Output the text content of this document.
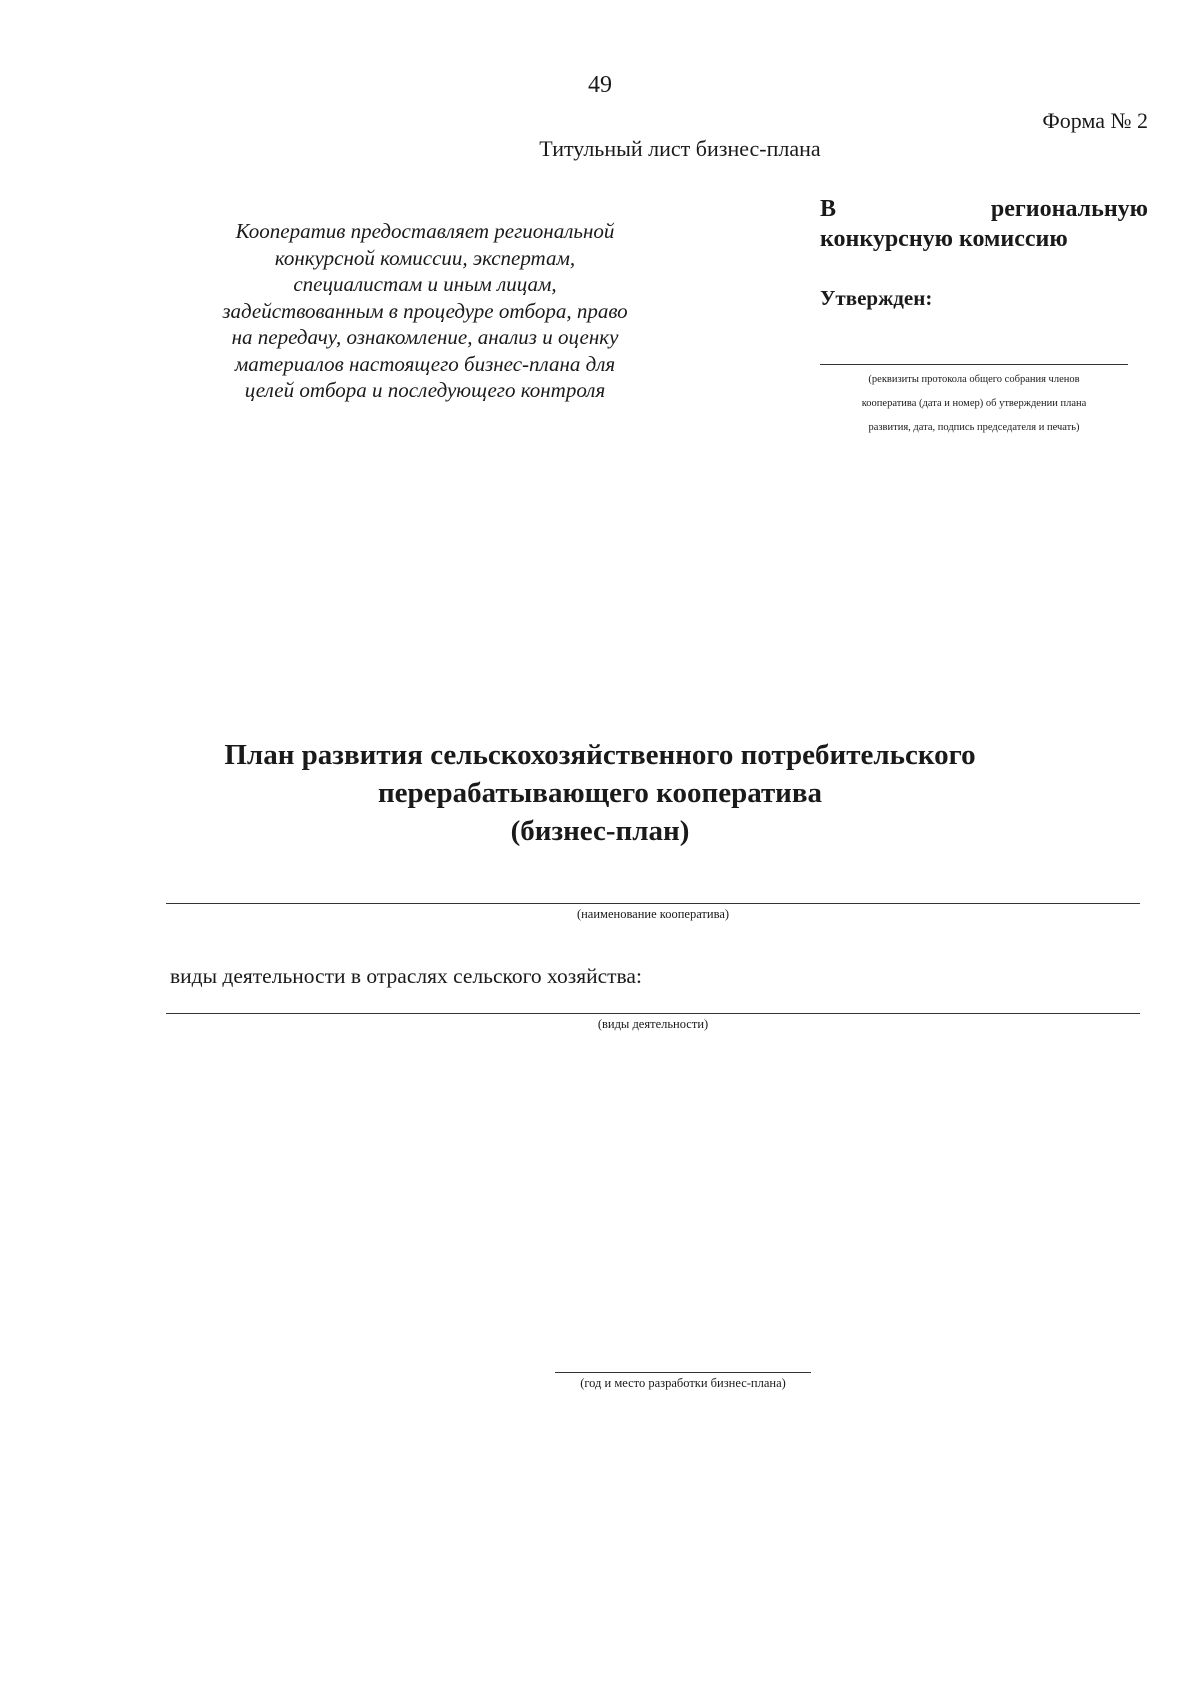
49
Форма № 2
Титульный лист бизнес-плана
Кооператив предоставляет региональной
конкурсной комиссии, экспертам,
специалистам и иным лицам,
задействованным в процедуре отбора, право
на передачу, ознакомление, анализ и оценку
материалов настоящего бизнес-плана для
целей отбора и последующего контроля
В	региональную
конкурсную комиссию
Утвержден:
(реквизиты протокола общего собрания членов
кооператива (дата и номер) об утверждении плана
развития, дата, подпись председателя и печать)
План развития сельскохозяйственного потребительского
перерабатывающего кооператива
(бизнес-план)
(наименование кооператива)
виды деятельности в отраслях сельского хозяйства:
(виды деятельности)
(год и место разработки бизнес-плана)
